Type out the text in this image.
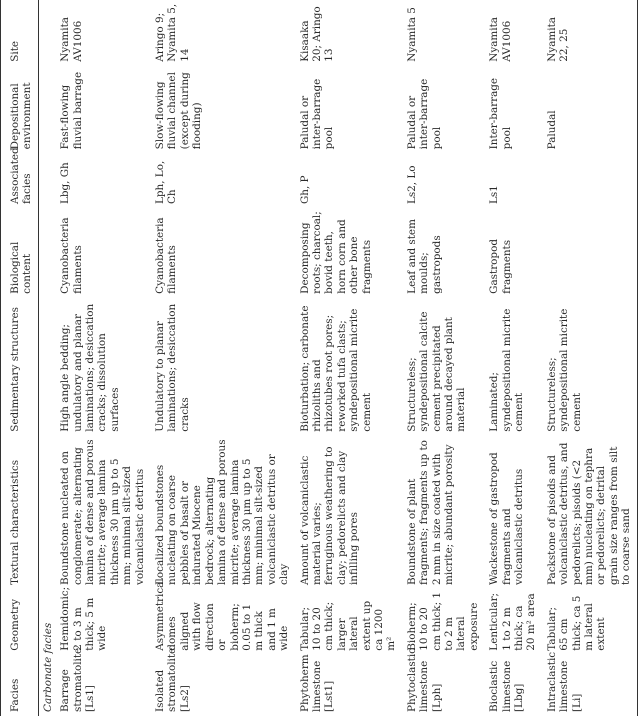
Facies	Geometry	Textural characteristics	Sedimentary structures	Biological content	Associated facies	Depositional environment	Site
Carbonate facies							
Barrage stromatolite [Ls1]	Hemidomic; 2 to 3 m thick; 5 m wide	Boundstone nucleated on conglomerate; alternating lamina of dense and porous micrite; average lamina thickness 30 μm up to 5 mm; minimal silt-sized volcaniclastic detritus	High angle bedding; undulatory and planar laminations; desiccation cracks; dissolution surfaces	Cyanobacteria filaments	Lbg, Gh	Fast-flowing fluvial barrage	Nyamita AV1006
Isolated stromatolite [Ls2]	Asymmetrical domes aligned with flow direction or bioherm; 0.05 to 1 m thick and 1 m wide	Localized boundstones nucleating on coarse pebbles of basalt or indurated Miocene bedrock; alternating lamina of dense and porous micrite; average lamina thickness 30 μm up to 5 mm; minimal silt-sized volcaniclastic detritus or clay	Undulatory to planar laminations; desiccation cracks	Cyanobacteria filaments	Lph, Lo, Ch	Slow-flowing fluvial channel (except during flooding)	Aringo 9; Nyamita 5, 14
Phytoherm limestone [Lst1]	Tabular; 10 to 20 cm thick; larger lateral extent up ca 1200 m²	Amount of volcaniclastic material varies; ferruginous weathering to clay; pedorelicts and clay infilling pores	Bioturbation; carbonate rhizoliths and rhizotubes root pores; reworked tufa clasts; syndepositional micrite cement	Decomposing roots; charcoal; bovid teeth, horn corn and other bone fragments	Gh, P	Paludal or inter-barrage pool	Kisaaka 20; Aringo 13
Phytoclastic limestone [Lph]	Bioherm; 10 to 20 cm thick; 1 to 2 m lateral exposure	Boundstone of plant fragments; fragments up to 2 mm in size coated with micrite; abundant porosity	Structureless; syndepositional calcite cement precipitated around decayed plant material	Leaf and stem moulds; gastropods	Ls2, Lo	Paludal or inter-barrage pool	Nyamita 5
Bioclastic limestone [Lbg]	Lenticular; 1 to 2 m thick; ca 20 m² area	Wackestone of gastropod fragments and volcaniclastic detritus	Laminated; syndepositional micrite cement	Gastropod fragments	Ls1	Inter-barrage pool	Nyamita AV1006
Intraclastic limestone [Li]	Tabular; 65 cm thick; ca 5 m lateral extent	Packstone of pisoids and volcaniclastic detritus, and pedorelicts; pisoids (<2 mm) nucleating on tephra or pedorelicts; detrital grain size ranges from silt to coarse sand	Structureless; syndepositional micrite cement			Paludal	Nyamita 22, 25
